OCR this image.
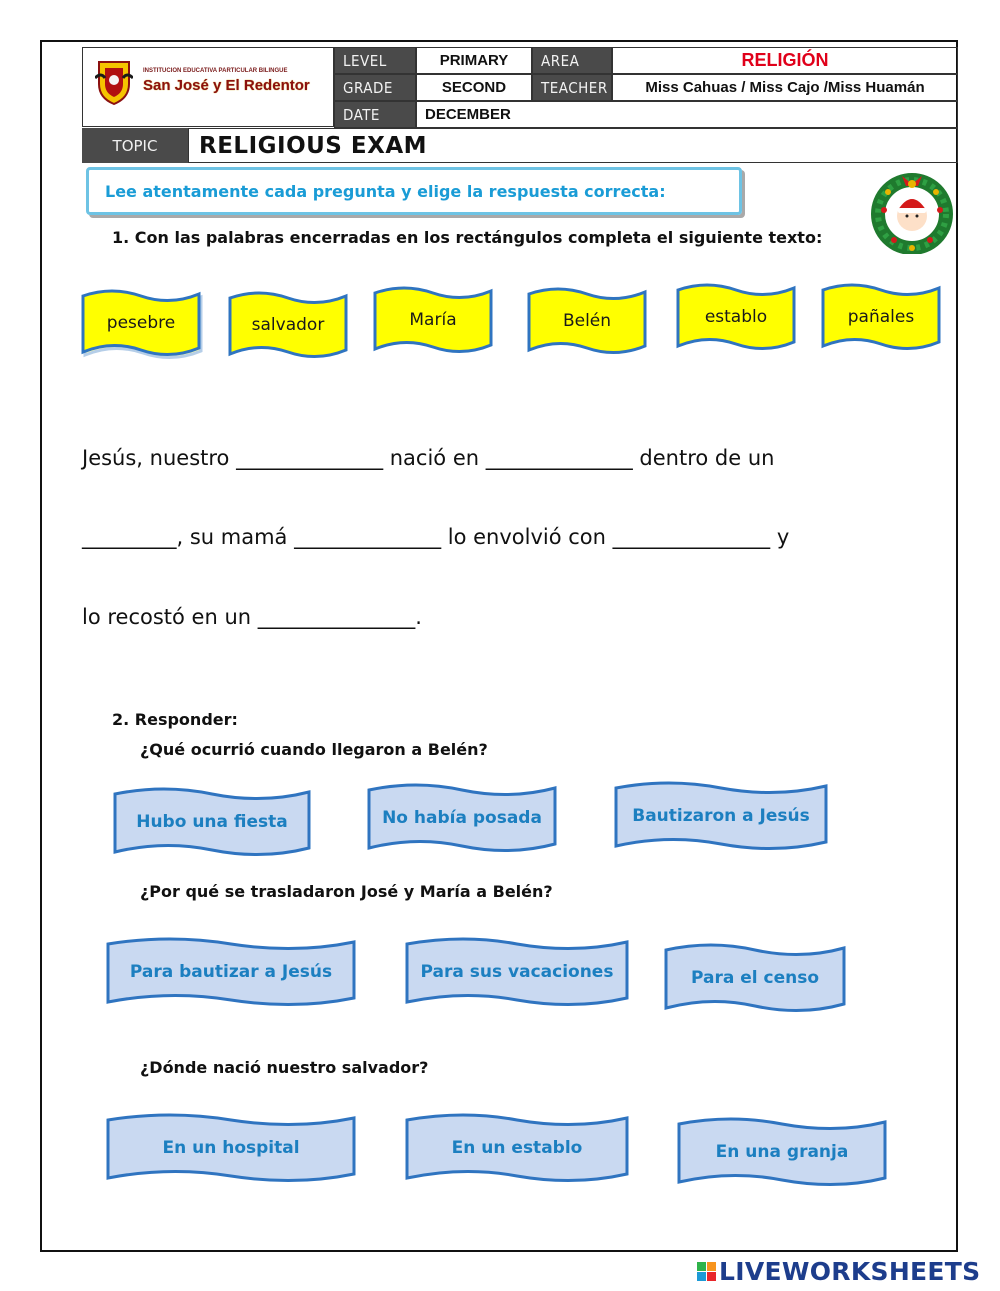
INSTITUCION EDUCATIVA PARTICULAR BILINGUE
San José y El Redentor
LEVEL	PRIMARY	AREA	RELIGIÓN
GRADE	SECOND	TEACHER	Miss Cahuas / Miss Cajo /Miss Huamán
DATE	DECEMBER
TOPIC	RELIGIOUS EXAM
Lee atentamente cada pregunta y elige la respuesta correcta:
1. Con las palabras encerradas en los rectángulos completa el siguiente texto:
pesebre	salvador	María	Belén	establo	pañales
Jesús, nuestro ______________ nació en ______________ dentro de un
_________, su mamá ______________ lo envolvió con _______________ y
lo recostó en un _______________.
2. Responder:
¿Qué ocurrió cuando llegaron a Belén?
Hubo una fiesta	No había posada	Bautizaron a Jesús
¿Por qué se trasladaron José y María a Belén?
Para bautizar a Jesús	Para sus vacaciones	Para el censo
¿Dónde nació nuestro salvador?
En un hospital	En un establo	En una granja
LIVEWORKSHEETS
